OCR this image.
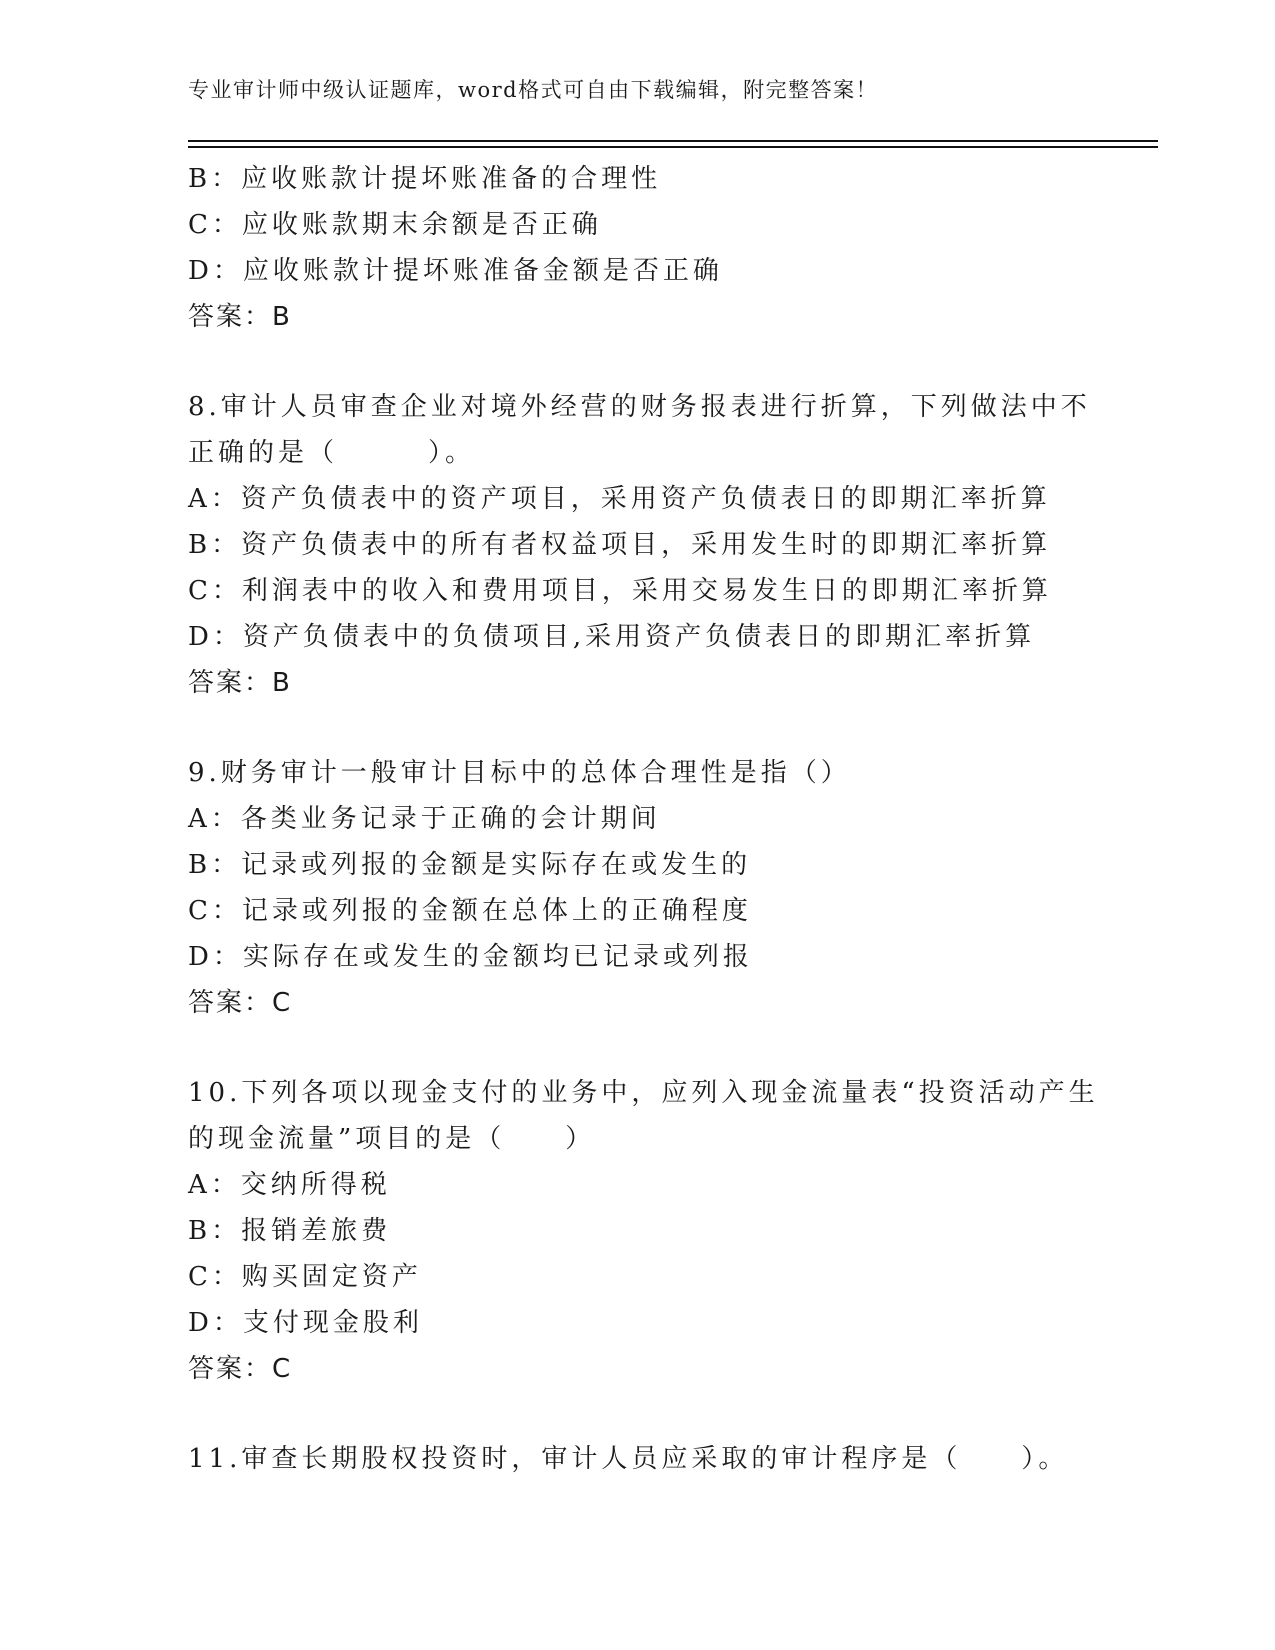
专业审计师中级认证题库，word格式可自由下载编辑，附完整答案！
B：应收账款计提坏账准备的合理性
C：应收账款期末余额是否正确
D：应收账款计提坏账准备金额是否正确
答案：B
8.审计人员审查企业对境外经营的财务报表进行折算，下列做法中不
正确的是（　　　）。
A：资产负债表中的资产项目，采用资产负债表日的即期汇率折算
B：资产负债表中的所有者权益项目，采用发生时的即期汇率折算
C：利润表中的收入和费用项目，采用交易发生日的即期汇率折算
D：资产负债表中的负债项目,采用资产负债表日的即期汇率折算
答案：B
9.财务审计一般审计目标中的总体合理性是指（）
A：各类业务记录于正确的会计期间
B：记录或列报的金额是实际存在或发生的
C：记录或列报的金额在总体上的正确程度
D：实际存在或发生的金额均已记录或列报
答案：C
10.下列各项以现金支付的业务中，应列入现金流量表“投资活动产生
的现金流量”项目的是（　　）
A：交纳所得税
B：报销差旅费
C：购买固定资产
D：支付现金股利
答案：C
11.审查长期股权投资时，审计人员应采取的审计程序是（　　）。
